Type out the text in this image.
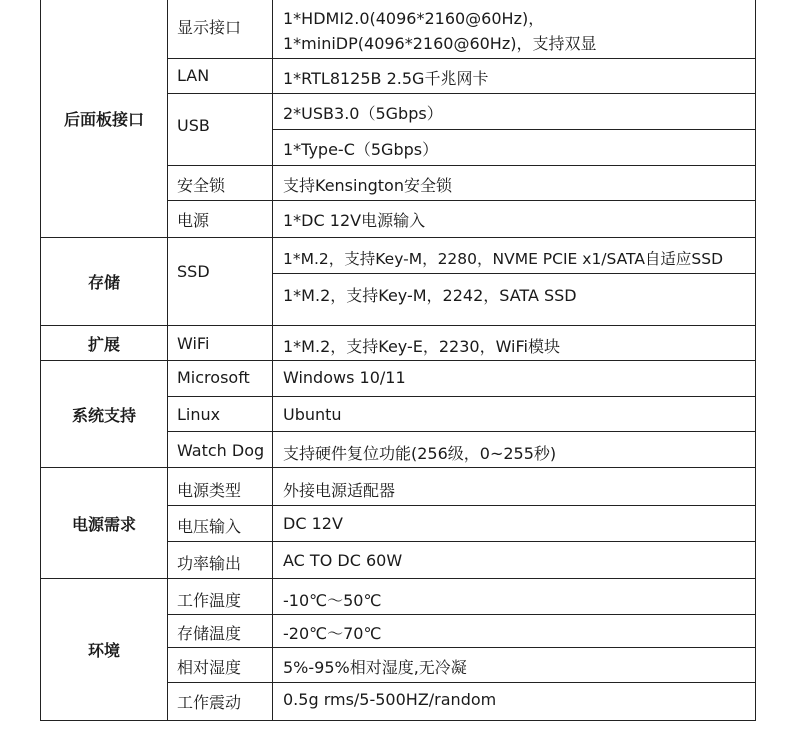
后面板接口
存储
扩展
系统支持
电源需求
环境
显示接口
LAN
USB
安全锁
电源
SSD
WiFi
Microsoft
Linux
Watch Dog
电源类型
电压输入
功率输出
工作温度
存储温度
相对湿度
工作震动
1*HDMI2.0(4096*2160@60Hz)，
1*miniDP(4096*2160@60Hz)，支持双显
1*RTL8125B 2.5G千兆网卡
2*USB3.0（5Gbps）
1*Type-C（5Gbps）
支持Kensington安全锁
1*DC 12V电源输入
1*M.2，支持Key-M，2280，NVME PCIE x1/SATA自适应SSD
1*M.2，支持Key-M，2242，SATA SSD
1*M.2，支持Key-E，2230，WiFi模块
Windows 10/11
Ubuntu
支持硬件复位功能(256级，0~255秒)
外接电源适配器
DC 12V
AC TO DC 60W
-10℃～50℃
-20℃～70℃
5%-95%相对湿度,无冷凝
0.5g rms/5-500HZ/random
